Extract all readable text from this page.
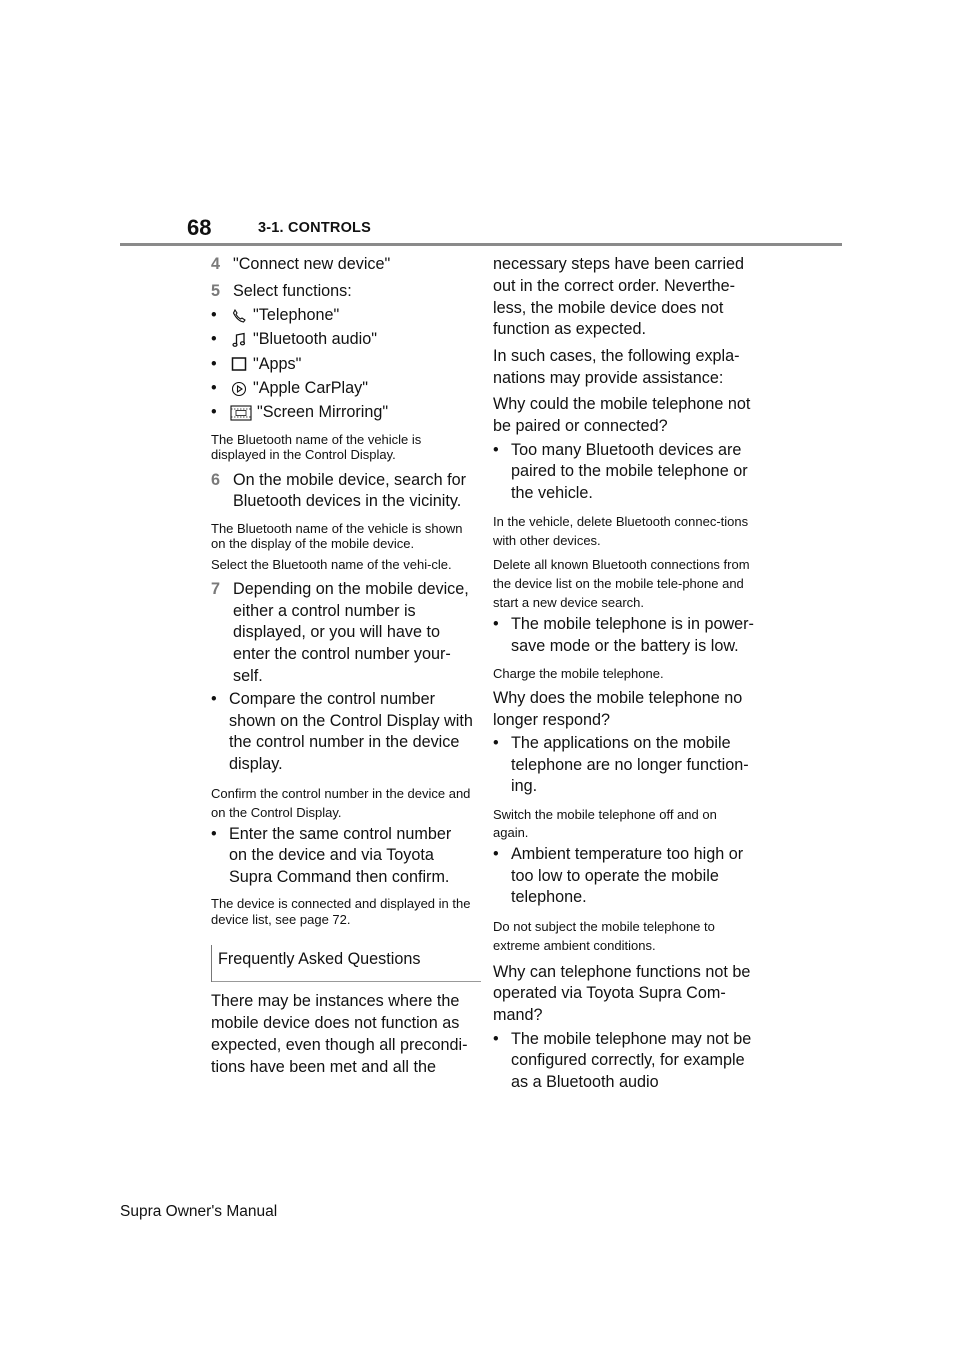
68	3-1. CONTROLS
4 "Connect new device"
5 Select functions:
•	"Telephone"
•	"Bluetooth audio"
•	"Apps"
•	"Apple CarPlay"
•	"Screen Mirroring"

The Bluetooth name of the vehicle is displayed in the Control Display.

6 On the mobile device, search for Bluetooth devices in the vicinity.

The Bluetooth name of the vehicle is shown on the display of the mobile device.

Select the Bluetooth name of the vehi-cle.

7 Depending on the mobile device, either a control number is displayed, or you will have to enter the control number your-self.
• Compare the control number shown on the Control Display with the control number in the device display.

Confirm the control number in the device and on the Control Display.

• Enter the same control number on the device and via Toyota Supra Command then confirm.

The device is connected and displayed in the device list, see page 72.

Frequently Asked Questions

There may be instances where the mobile device does not function as expected, even though all precondi-tions have been met and all the

necessary steps have been carried out in the correct order. Neverthe-less, the mobile device does not function as expected.

In such cases, the following expla-nations may provide assistance:

Why could the mobile telephone not be paired or connected?

• Too many Bluetooth devices are paired to the mobile telephone or the vehicle.

In the vehicle, delete Bluetooth connec-tions with other devices.

Delete all known Bluetooth connections from the device list on the mobile tele-phone and start a new device search.

• The mobile telephone is in power-save mode or the battery is low.

Charge the mobile telephone.

Why does the mobile telephone no longer respond?

• The applications on the mobile telephone are no longer function-ing.

Switch the mobile telephone off and on again.

• Ambient temperature too high or too low to operate the mobile telephone.

Do not subject the mobile telephone to extreme ambient conditions.

Why can telephone functions not be operated via Toyota Supra Com-mand?

• The mobile telephone may not be configured correctly, for example as a Bluetooth audio
Supra Owner's Manual
